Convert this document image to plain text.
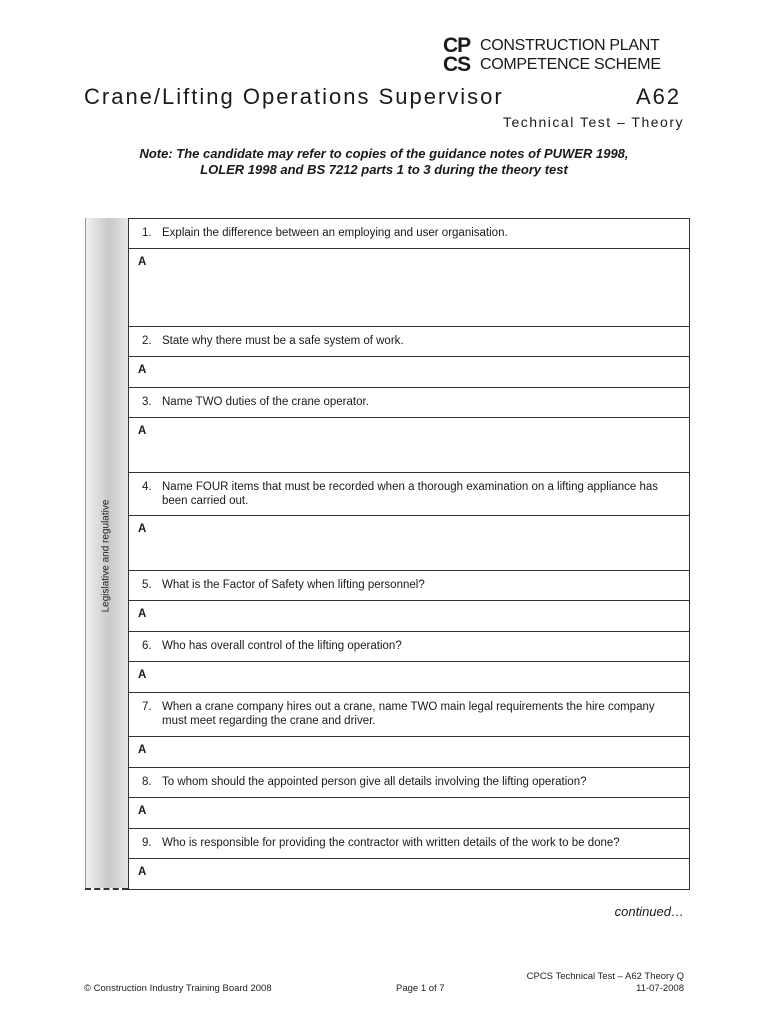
CP
CS
CONSTRUCTION PLANT
COMPETENCE SCHEME
Crane/Lifting Operations Supervisor	A62
Technical Test – Theory
Note: The candidate may refer to copies of the guidance notes of PUWER 1998,
LOLER 1998 and BS 7212 parts 1 to 3 during the theory test
Legislative and regulative
1. Explain the difference between an employing and user organisation.
A
2. State why there must be a safe system of work.
A
3. Name TWO duties of the crane operator.
A
4. Name FOUR items that must be recorded when a thorough examination on a lifting appliance has been carried out.
A
5. What is the Factor of Safety when lifting personnel?
A
6. Who has overall control of the lifting operation?
A
7. When a crane company hires out a crane, name TWO main legal requirements the hire company must meet regarding the crane and driver.
A
8. To whom should the appointed person give all details involving the lifting operation?
A
9. Who is responsible for providing the contractor with written details of the work to be done?
A
continued…
© Construction Industry Training Board 2008	Page 1 of 7
CPCS Technical Test – A62 Theory Q
11-07-2008
